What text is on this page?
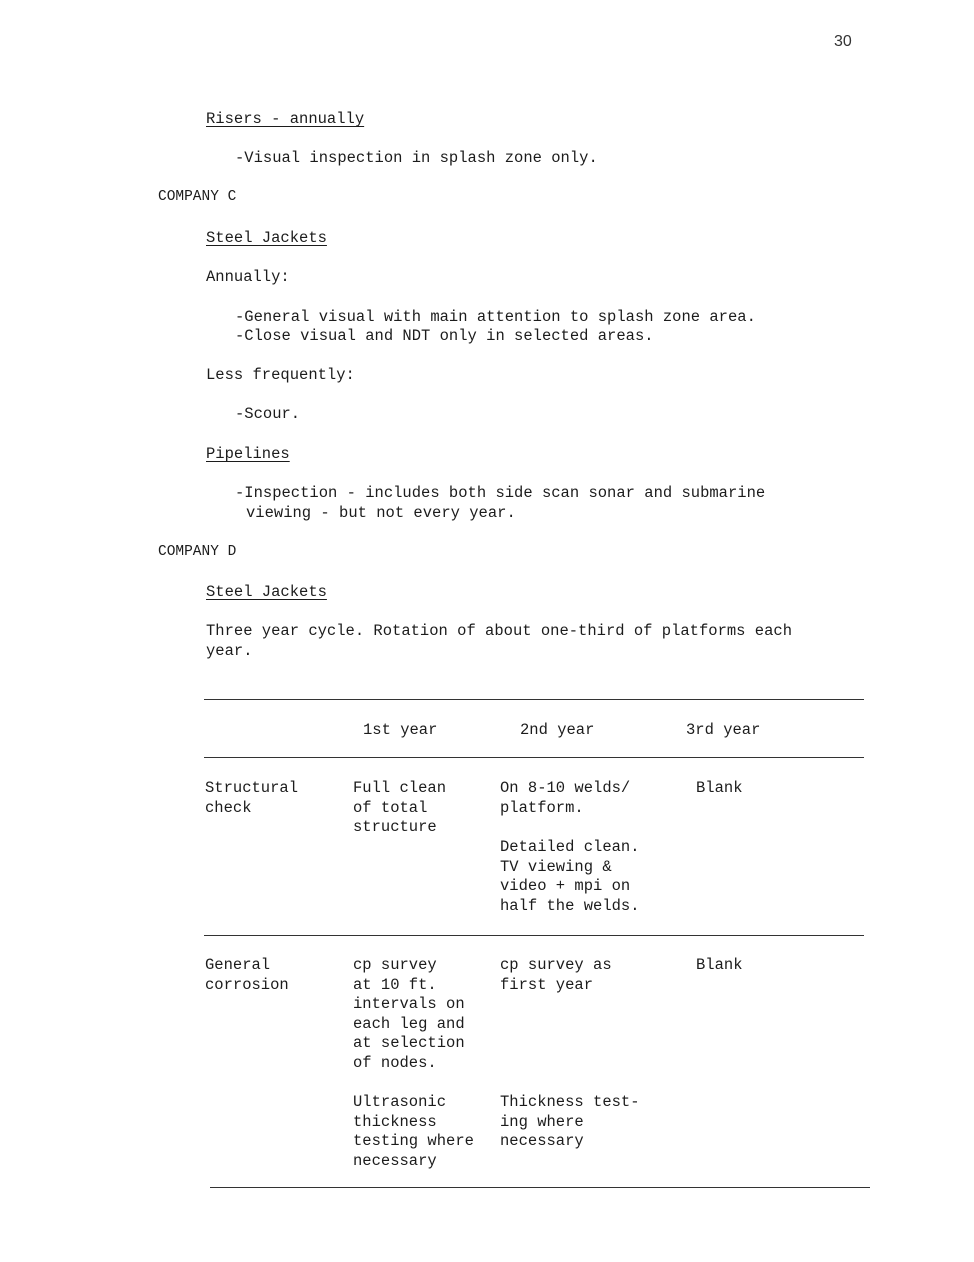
30
Risers - annually
-Visual inspection in splash zone only.
COMPANY C
Steel Jackets
Annually:
-General visual with main attention to splash zone area.
-Close visual and NDT only in selected areas.
Less frequently:
-Scour.
Pipelines
-Inspection - includes both side scan sonar and submarine
viewing - but not every year.
COMPANY D
Steel Jackets
Three year cycle. Rotation of about one-third of platforms each
year.
1st year	2nd year	3rd year
Structural
check
Full clean
of total
structure
On 8-10 welds/
platform.
Detailed clean.
TV viewing &
video + mpi on
half the welds.
Blank
General
corrosion
cp survey
at 10 ft.
intervals on
each leg and
at selection
of nodes.
Ultrasonic
thickness
testing where
necessary
cp survey as
first year
Thickness test-
ing where
necessary
Blank
